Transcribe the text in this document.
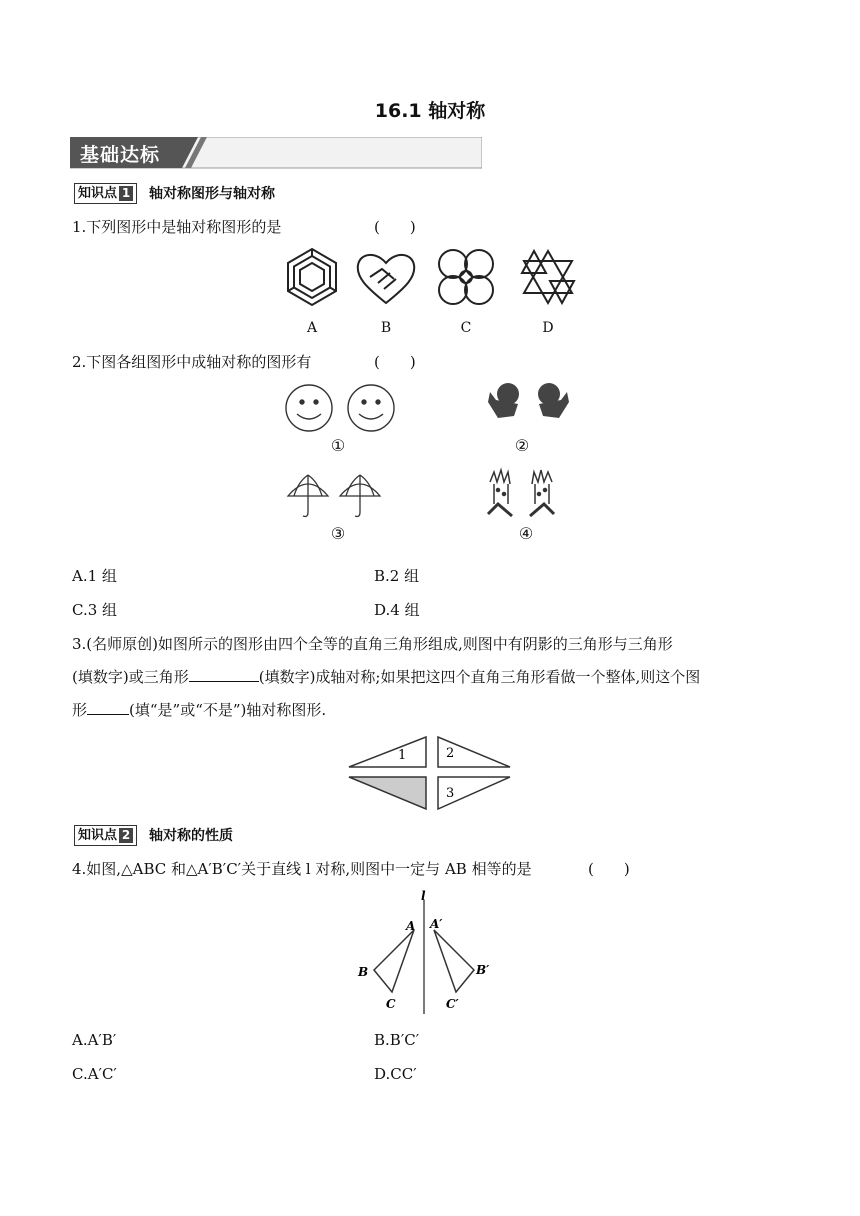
16.1 轴对称
基础达标
知识点 1 轴对称图形与轴对称
1.下列图形中是轴对称图形的是	(　　)
A	B	C	D
2.下图各组图形中成轴对称的图形有	(　　)
①	②
③	④
A.1 组	B.2 组
C.3 组	D.4 组
3.(名师原创)如图所示的图形由四个全等的直角三角形组成,则图中有阴影的三角形与三角形
(填数字)或三角形	(填数字)成轴对称;如果把这四个直角三角形看做一个整体,则这个图
形	(填“是”或“不是”)轴对称图形.
1	2
3
知识点 2 轴对称的性质
4.如图,△ABC 和△A′B′C′关于直线 l 对称,则图中一定与 AB 相等的是	(　　)
l
A
B
C
A′
B′
C′
A.A′B′	B.B′C′
C.A′C′	D.CC′
